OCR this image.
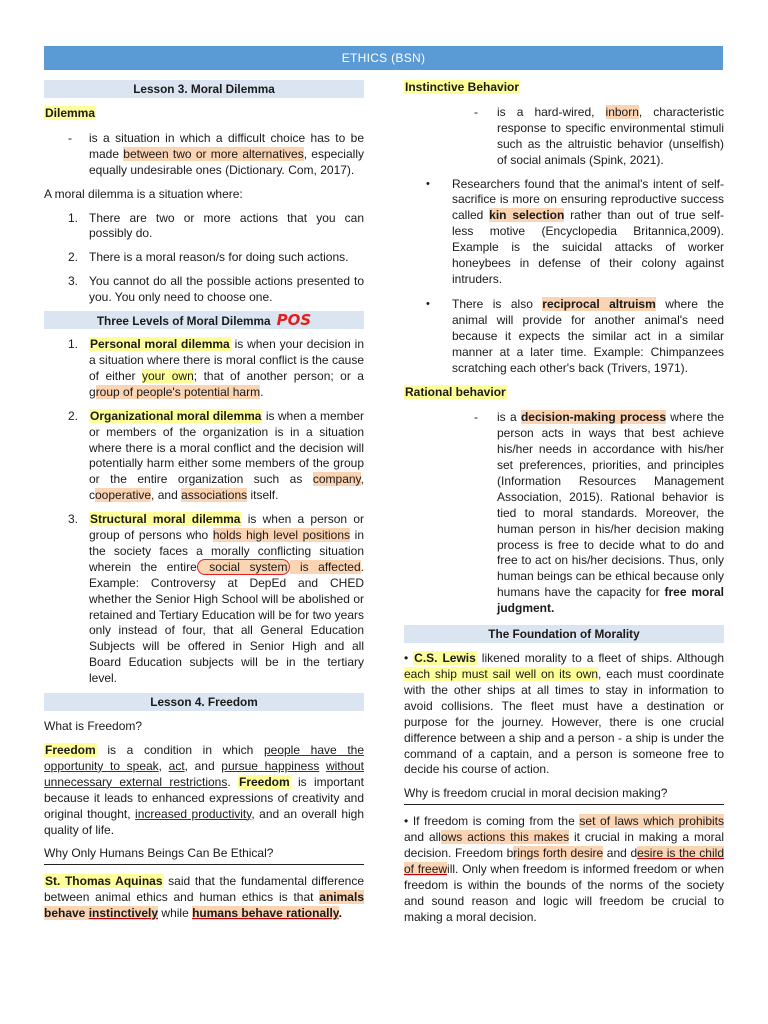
ETHICS (BSN)
Lesson 3. Moral Dilemma
Dilemma
-	is a situation in which a difficult choice has to be made between two or more alternatives, especially equally undesirable ones (Dictionary. Com, 2017).
A moral dilemma is a situation where:
1. There are two or more actions that you can possibly do.
2. There is a moral reason/s for doing such actions.
3. You cannot do all the possible actions presented to you. You only need to choose one.
Three Levels of Moral Dilemma POS
1. Personal moral dilemma is when your decision in a situation where there is moral conflict is the cause of either your own; that of another person; or a group of people's potential harm.
2. Organizational moral dilemma is when a member or members of the organization is in a situation where there is a moral conflict and the decision will potentially harm either some members of the group or the entire organization such as company, cooperative, and associations itself.
3. Structural moral dilemma is when a person or group of persons who holds high level positions in the society faces a morally conflicting situation wherein the entire social system is affected. Example: Controversy at DepEd and CHED whether the Senior High School will be abolished or retained and Tertiary Education will be for two years only instead of four, that all General Education Subjects will be offered in Senior High and all Board Education subjects will be in the tertiary level.
Lesson 4. Freedom
What is Freedom?
Freedom is a condition in which people have the opportunity to speak, act, and pursue happiness without unnecessary external restrictions. Freedom is important because it leads to enhanced expressions of creativity and original thought, increased productivity, and an overall high quality of life.
Why Only Humans Beings Can Be Ethical?
St. Thomas Aquinas said that the fundamental difference between animal ethics and human ethics is that animals behave instinctively while humans behave rationally.
Instinctive Behavior
-	is a hard-wired, inborn, characteristic response to specific environmental stimuli such as the altruistic behavior (unselfish) of social animals (Spink, 2021).
•	Researchers found that the animal's intent of self-sacrifice is more on ensuring reproductive success called kin selection rather than out of true self-less motive (Encyclopedia Britannica,2009). Example is the suicidal attacks of worker honeybees in defense of their colony against intruders.
•	There is also reciprocal altruism where the animal will provide for another animal's need because it expects the similar act in a similar manner at a later time. Example: Chimpanzees scratching each other's back (Trivers, 1971).
Rational behavior
-	is a decision-making process where the person acts in ways that best achieve his/her needs in accordance with his/her set preferences, priorities, and principles (Information Resources Management Association, 2015). Rational behavior is tied to moral standards. Moreover, the human person in his/her decision making process is free to decide what to do and free to act on his/her decisions. Thus, only human beings can be ethical because only humans have the capacity for free moral judgment.
The Foundation of Morality
• C.S. Lewis likened morality to a fleet of ships. Although each ship must sail well on its own, each must coordinate with the other ships at all times to stay in information to avoid collisions. The fleet must have a destination or purpose for the journey. However, there is one crucial difference between a ship and a person - a ship is under the command of a captain, and a person is someone free to decide his course of action.
Why is freedom crucial in moral decision making?
• If freedom is coming from the set of laws which prohibits and allows actions this makes it crucial in making a moral decision. Freedom brings forth desire and desire is the child of freewill. Only when freedom is informed freedom or when freedom is within the bounds of the norms of the society and sound reason and logic will freedom be crucial to making a moral decision.
